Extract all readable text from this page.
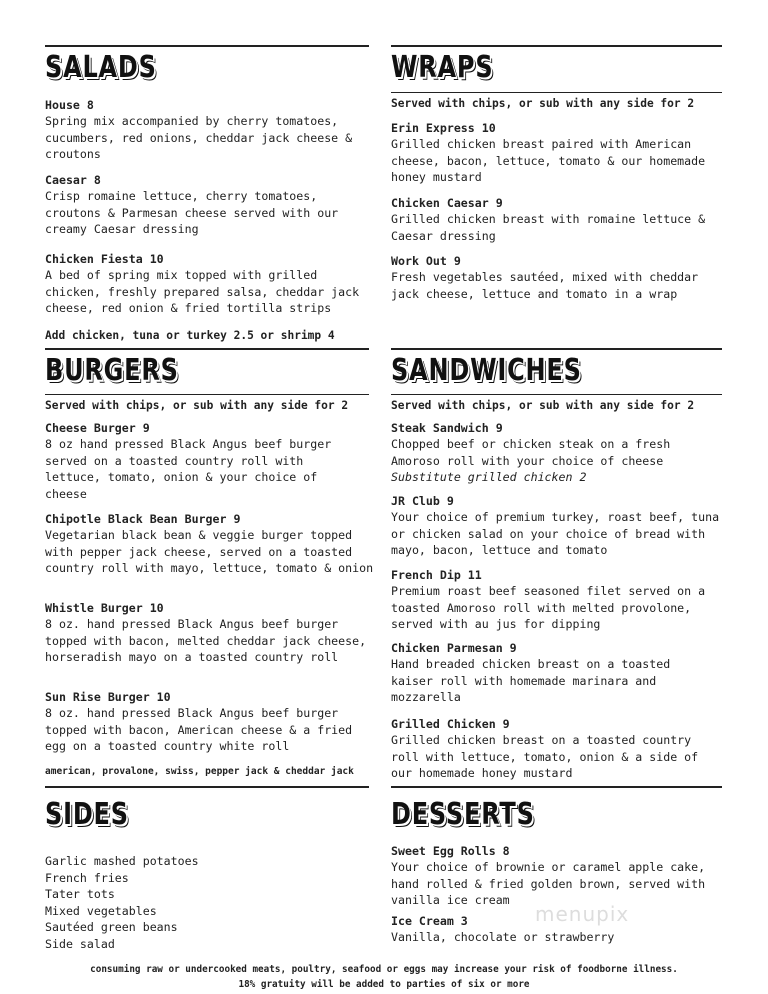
SALADS
House 8
Spring mix accompanied by cherry tomatoes, cucumbers, red onions, cheddar jack cheese & croutons
Caesar 8
Crisp romaine lettuce, cherry tomatoes, croutons & Parmesan cheese served with our creamy Caesar dressing
Chicken Fiesta 10
A bed of spring mix topped with grilled chicken, freshly prepared salsa, cheddar jack cheese, red onion & fried tortilla strips
Add chicken, tuna or turkey 2.5 or shrimp 4
WRAPS
Served with chips, or sub with any side for 2
Erin Express 10
Grilled chicken breast paired with American cheese, bacon, lettuce, tomato & our homemade honey mustard
Chicken Caesar 9
Grilled chicken breast with romaine lettuce & Caesar dressing
Work Out 9
Fresh vegetables sautéed, mixed with cheddar jack cheese, lettuce and tomato in a wrap
BURGERS
Served with chips, or sub with any side for 2
Cheese Burger 9
8 oz hand pressed Black Angus beef burger served on a toasted country roll with lettuce, tomato, onion & your choice of cheese
Chipotle Black Bean Burger 9
Vegetarian black bean & veggie burger topped with pepper jack cheese, served on a toasted country roll with mayo, lettuce, tomato & onion
Whistle Burger 10
8 oz. hand pressed Black Angus beef burger topped with bacon, melted cheddar jack cheese, horseradish mayo on a toasted country roll
Sun Rise Burger 10
8 oz. hand pressed Black Angus beef burger topped with bacon, American cheese & a fried egg on a toasted country white roll
american, provalone, swiss, pepper jack & cheddar jack
SANDWICHES
Served with chips, or sub with any side for 2
Steak Sandwich 9
Chopped beef or chicken steak on a fresh Amoroso roll with your choice of cheese
Substitute grilled chicken 2
JR Club 9
Your choice of premium turkey, roast beef, tuna or chicken salad on your choice of bread with mayo, bacon, lettuce and tomato
French Dip 11
Premium roast beef seasoned filet served on a toasted Amoroso roll with melted provolone, served with au jus for dipping
Chicken Parmesan 9
Hand breaded chicken breast on a toasted kaiser roll with homemade marinara and mozzarella
Grilled Chicken 9
Grilled chicken breast on a toasted country roll with lettuce, tomato, onion & a side of our homemade honey mustard
SIDES
Garlic mashed potatoes
French fries
Tater tots
Mixed vegetables
Sautéed green beans
Side salad
DESSERTS
Sweet Egg Rolls 8
Your choice of brownie or caramel apple cake, hand rolled & fried golden brown, served with vanilla ice cream
Ice Cream 3
Vanilla, chocolate or strawberry
menupix
consuming raw or undercooked meats, poultry, seafood or eggs may increase your risk of foodborne illness.
18% gratuity will be added to parties of six or more
